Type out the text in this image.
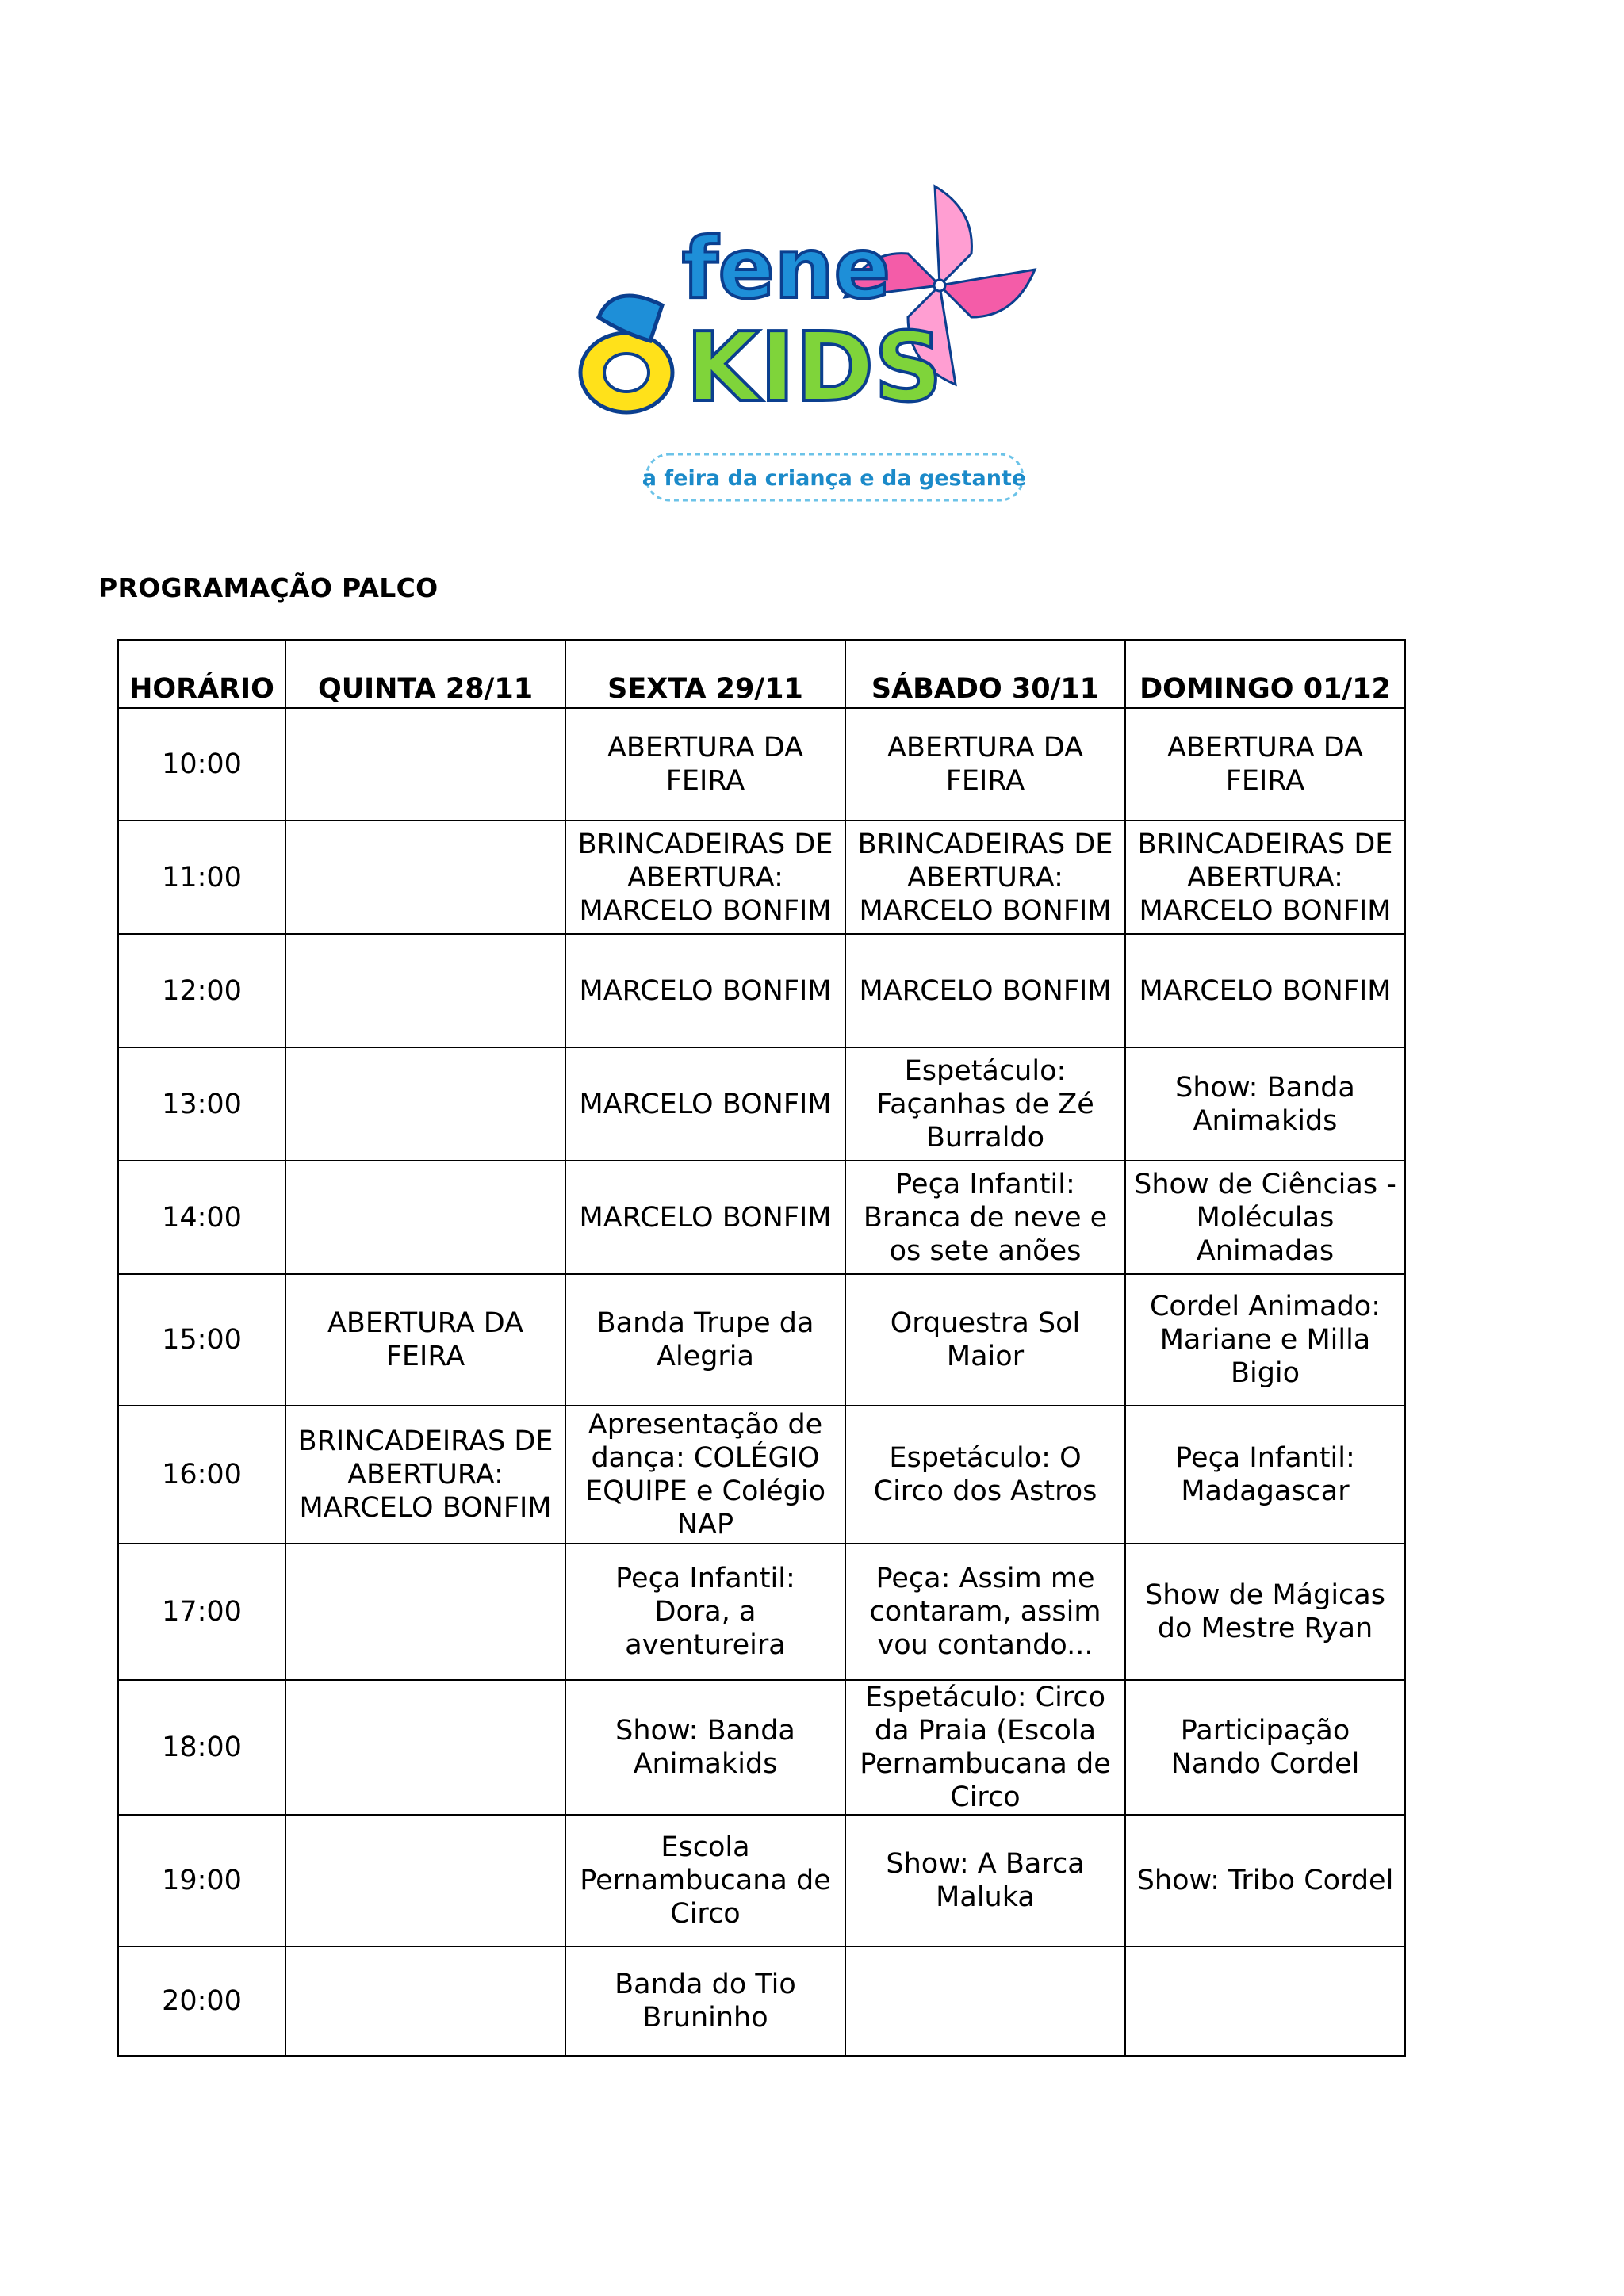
fene
KIDS
a feira da criança e da gestante
PROGRAMAÇÃO PALCO
HORÁRIO	QUINTA 28/11	SEXTA 29/11	SÁBADO 30/11	DOMINGO 01/12
10:00		ABERTURA DA FEIRA	ABERTURA DA FEIRA	ABERTURA DA FEIRA
11:00		BRINCADEIRAS DE ABERTURA: MARCELO BONFIM	BRINCADEIRAS DE ABERTURA: MARCELO BONFIM	BRINCADEIRAS DE ABERTURA: MARCELO BONFIM
12:00		MARCELO BONFIM	MARCELO BONFIM	MARCELO BONFIM
13:00		MARCELO BONFIM	Espetáculo: Façanhas de Zé Burraldo	Show: Banda Animakids
14:00		MARCELO BONFIM	Peça Infantil: Branca de neve e os sete anões	Show de Ciências - Moléculas Animadas
15:00	ABERTURA DA FEIRA	Banda Trupe da Alegria	Orquestra Sol Maior	Cordel Animado: Mariane e Milla Bigio
16:00	BRINCADEIRAS DE ABERTURA: MARCELO BONFIM	Apresentação de dança: COLÉGIO EQUIPE e Colégio NAP	Espetáculo: O Circo dos Astros	Peça Infantil: Madagascar
17:00		Peça Infantil: Dora, a aventureira	Peça: Assim me contaram, assim vou contando...	Show de Mágicas do Mestre Ryan
18:00		Show: Banda Animakids	Espetáculo: Circo da Praia (Escola Pernambucana de Circo	Participação Nando Cordel
19:00		Escola Pernambucana de Circo	Show: A Barca Maluka	Show: Tribo Cordel
20:00		Banda do Tio Bruninho		
